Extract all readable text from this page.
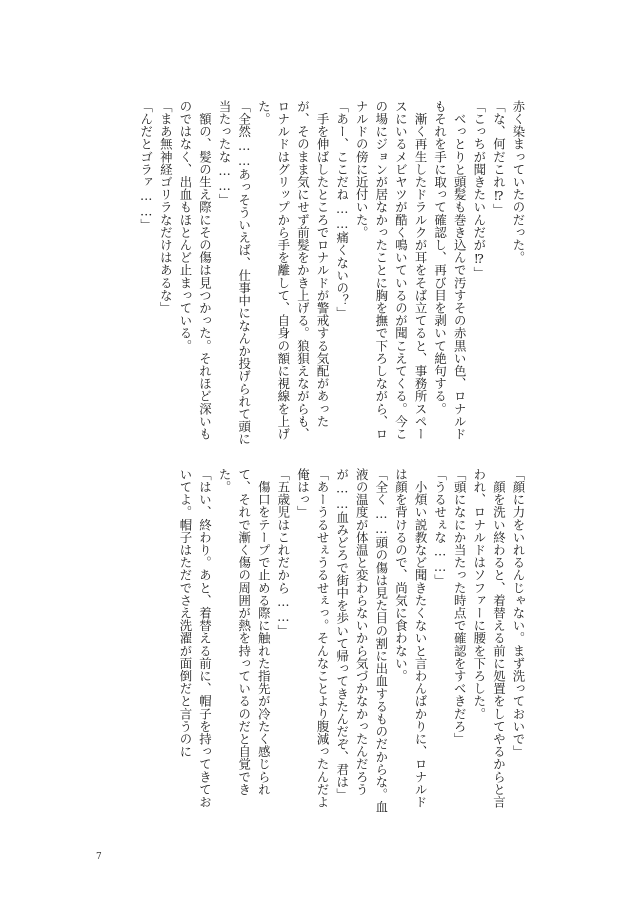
赤く染まっていたのだった。

「な、何だこれ⁉」

「こっちが聞きたいんだが⁉」

　べっとりと頭髪も巻き込んで汚すその赤黒い色、ロナルドもそれを手に取って確認し、再び目を剥いて絶句する。

　漸く再生したドラルクが耳をそば立てると、事務所スペースにいるメビヤツが酷く鳴いているのが聞こえてくる。今この場にジョンが居なかったことに胸を撫で下ろしながら、ロナルドの傍に近付いた。

「あー、ここだね……痛くないの？」

　手を伸ばしたところでロナルドが警戒する気配があったが、そのまま気にせず前髪をかき上げる。狼狽えながらも、ロナルドはグリップから手を離して、自身の額に視線を上げた。

「全然……あっそういえば、仕事中になんか投げられて頭に当たったな……」

　額の、髪の生え際にその傷は見つかった。それほど深いものではなく、出血もほとんど止まっている。

「まあ無神経ゴリラなだけはあるな」

「んだとゴラァ……」

「顔に力をいれるんじゃない。まず洗っておいで」

　顔を洗い終わると、着替える前に処置をしてやるからと言われ、ロナルドはソファーに腰を下ろした。

「頭になにか当たった時点で確認をすべきだろ」

「うるせぇな……」

　小煩い説教など聞きたくないと言わんばかりに、ロナルドは顔を背けるので、尚気に食わない。

「全く……頭の傷は見た目の割に出血するものだからな。血液の温度が体温と変わらないから気づかなかったんだろうが……血みどろで街中を歩いて帰ってきたんだぞ、君は」

「あーうるせぇうるせぇっ。そんなことより腹減ったんだよ俺はっ」

「五歳児はこれだから……」

　傷口をテープで止める際に触れた指先が冷たく感じられて、それで漸く傷の周囲が熱を持っているのだと自覚できた。

「はい、終わり。あと、着替える前に、帽子を持ってきておいてよ。帽子はただでさえ洗濯が面倒だと言うのに

7
